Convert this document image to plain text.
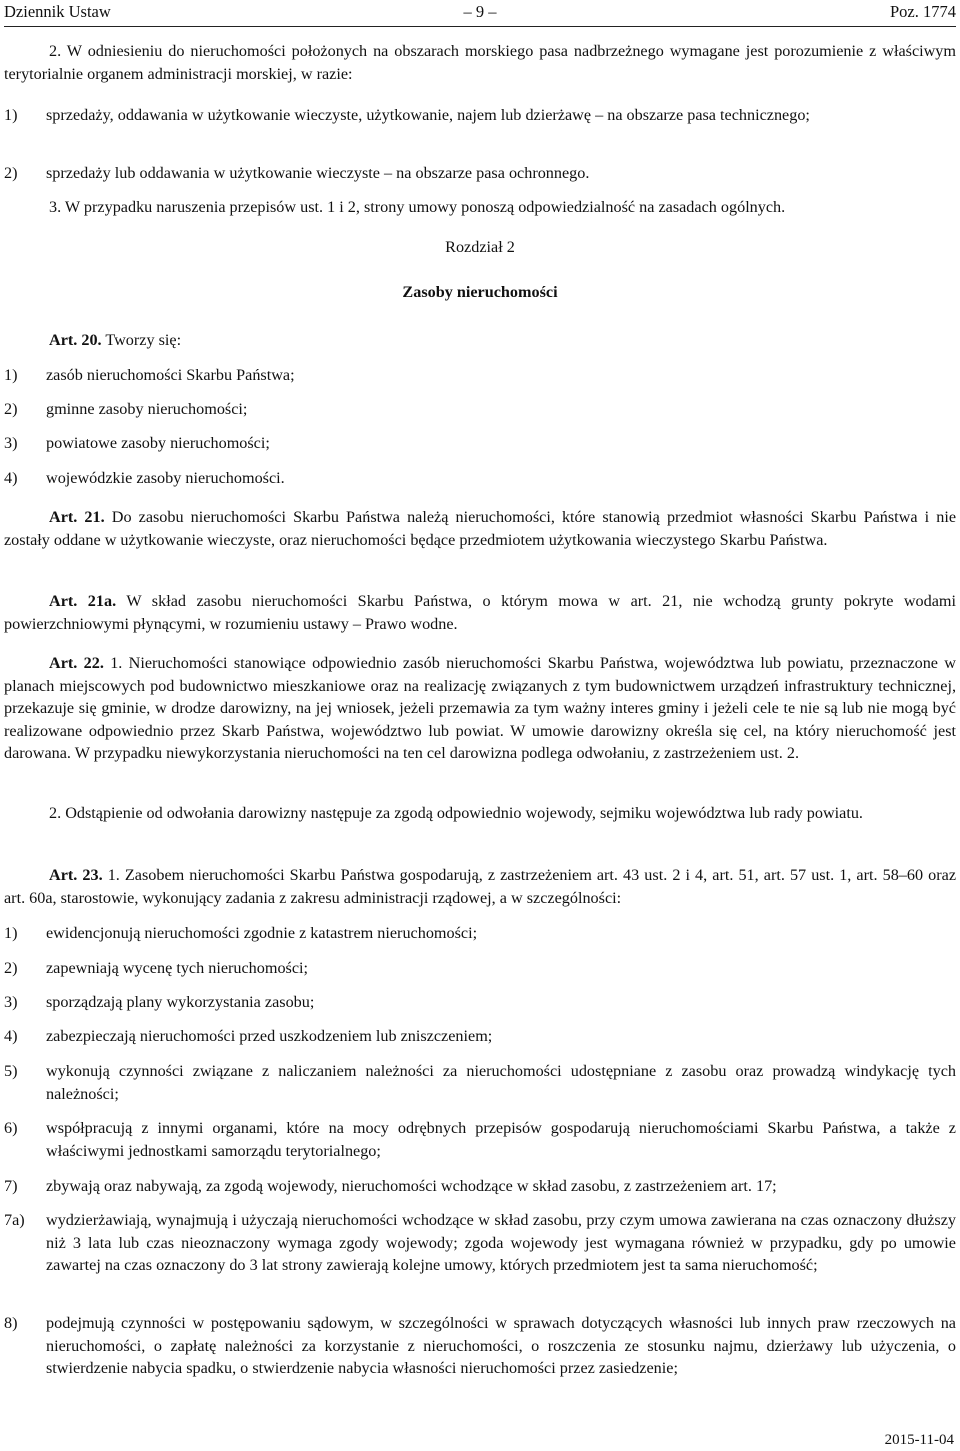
Dziennik Ustaw	– 9 –	Poz. 1774
2. W odniesieniu do nieruchomości położonych na obszarach morskiego pasa nadbrzeżnego wymagane jest porozumienie z właściwym terytorialnie organem administracji morskiej, w razie:
1) sprzedaży, oddawania w użytkowanie wieczyste, użytkowanie, najem lub dzierżawę – na obszarze pasa technicznego;
2) sprzedaży lub oddawania w użytkowanie wieczyste – na obszarze pasa ochronnego.
3. W przypadku naruszenia przepisów ust. 1 i 2, strony umowy ponoszą odpowiedzialność na zasadach ogólnych.
Rozdział 2
Zasoby nieruchomości
Art. 20. Tworzy się:
1) zasób nieruchomości Skarbu Państwa;
2) gminne zasoby nieruchomości;
3) powiatowe zasoby nieruchomości;
4) wojewódzkie zasoby nieruchomości.
Art. 21. Do zasobu nieruchomości Skarbu Państwa należą nieruchomości, które stanowią przedmiot własności Skarbu Państwa i nie zostały oddane w użytkowanie wieczyste, oraz nieruchomości będące przedmiotem użytkowania wieczystego Skarbu Państwa.
Art. 21a. W skład zasobu nieruchomości Skarbu Państwa, o którym mowa w art. 21, nie wchodzą grunty pokryte wodami powierzchniowymi płynącymi, w rozumieniu ustawy – Prawo wodne.
Art. 22. 1. Nieruchomości stanowiące odpowiednio zasób nieruchomości Skarbu Państwa, województwa lub powiatu, przeznaczone w planach miejscowych pod budownictwo mieszkaniowe oraz na realizację związanych z tym budownictwem urządzeń infrastruktury technicznej, przekazuje się gminie, w drodze darowizny, na jej wniosek, jeżeli przemawia za tym ważny interes gminy i jeżeli cele te nie są lub nie mogą być realizowane odpowiednio przez Skarb Państwa, województwo lub powiat. W umowie darowizny określa się cel, na który nieruchomość jest darowana. W przypadku niewykorzystania nieruchomości na ten cel darowizna podlega odwołaniu, z zastrzeżeniem ust. 2.
2. Odstąpienie od odwołania darowizny następuje za zgodą odpowiednio wojewody, sejmiku województwa lub rady powiatu.
Art. 23. 1. Zasobem nieruchomości Skarbu Państwa gospodarują, z zastrzeżeniem art. 43 ust. 2 i 4, art. 51, art. 57 ust. 1, art. 58–60 oraz art. 60a, starostowie, wykonujący zadania z zakresu administracji rządowej, a w szczególności:
1) ewidencjonują nieruchomości zgodnie z katastrem nieruchomości;
2) zapewniają wycenę tych nieruchomości;
3) sporządzają plany wykorzystania zasobu;
4) zabezpieczają nieruchomości przed uszkodzeniem lub zniszczeniem;
5) wykonują czynności związane z naliczaniem należności za nieruchomości udostępniane z zasobu oraz prowadzą windykację tych należności;
6) współpracują z innymi organami, które na mocy odrębnych przepisów gospodarują nieruchomościami Skarbu Państwa, a także z właściwymi jednostkami samorządu terytorialnego;
7) zbywają oraz nabywają, za zgodą wojewody, nieruchomości wchodzące w skład zasobu, z zastrzeżeniem art. 17;
7a) wydzierżawiają, wynajmują i użyczają nieruchomości wchodzące w skład zasobu, przy czym umowa zawierana na czas oznaczony dłuższy niż 3 lata lub czas nieoznaczony wymaga zgody wojewody; zgoda wojewody jest wymagana również w przypadku, gdy po umowie zawartej na czas oznaczony do 3 lat strony zawierają kolejne umowy, których przedmiotem jest ta sama nieruchomość;
8) podejmują czynności w postępowaniu sądowym, w szczególności w sprawach dotyczących własności lub innych praw rzeczowych na nieruchomości, o zapłatę należności za korzystanie z nieruchomości, o roszczenia ze stosunku najmu, dzierżawy lub użyczenia, o stwierdzenie nabycia spadku, o stwierdzenie nabycia własności nieruchomości przez zasiedzenie;
2015-11-04
